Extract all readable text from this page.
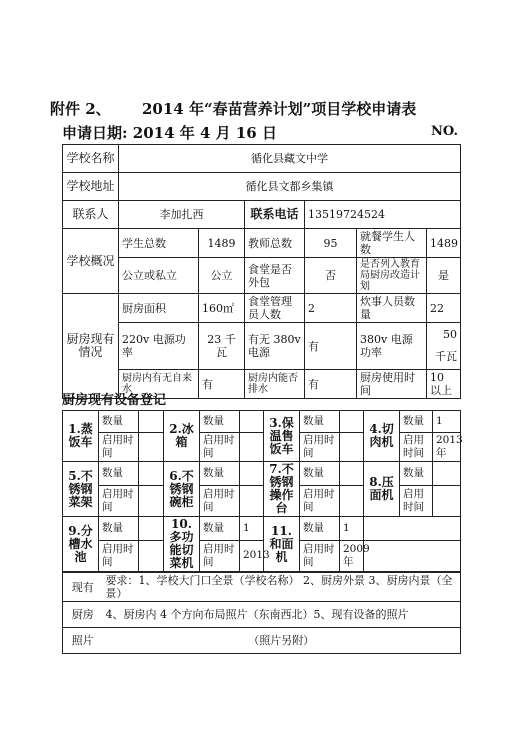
附件 2、 2014 年“春苗营养计划”项目学校申请表
申请日期: 2014 年 4 月 16 日	NO.
学校名称	循化县藏文中学					
学校地址	循化县文都乡集镇					
联系人	李加扎西		联系电话	13519724524		
学校概况	学生总数	1489	教师总数	95	就餐学生人数	1489
	公立或私立	公立	食堂是否外包	否	是否列入教育局厨房改造计划	是
厨房现有情况	厨房面积	160㎡	食堂管理员人数	2	炊事人员数量	22
	220v 电源功率	23 千瓦	有无 380v 电源	有	380v 电源功率	50
千瓦
	厨房内有无自来水	有	厨房内能否排水	有	厨房使用时间	10 以上
厨房现有设备登记
1.蒸饭车	数量		2.冰箱	数量		3.保温售饭车	数量		4.切肉机	数量	1
	启用时间			启用时间			启用时间			启用时间	2013年
5.不锈钢菜架	数量		6.不锈钢碗柜	数量		7.不锈钢操作台	数量		8.压面机	数量	
	启用时间			启用时间			启用时间			启用时间	
9.分槽水池	数量		10.多功能切菜机	数量	1	11.和面机	数量	1			
	启用时间			启用时间	2013		启用时间	2009年			
现有	要求：1、学校大门口全景（学校名称） 2、厨房外景 3、厨房内景（全景）
厨房	4、厨房内 4 个方向布局照片（东南西北）5、现有设备的照片
照片	（照片另附）
